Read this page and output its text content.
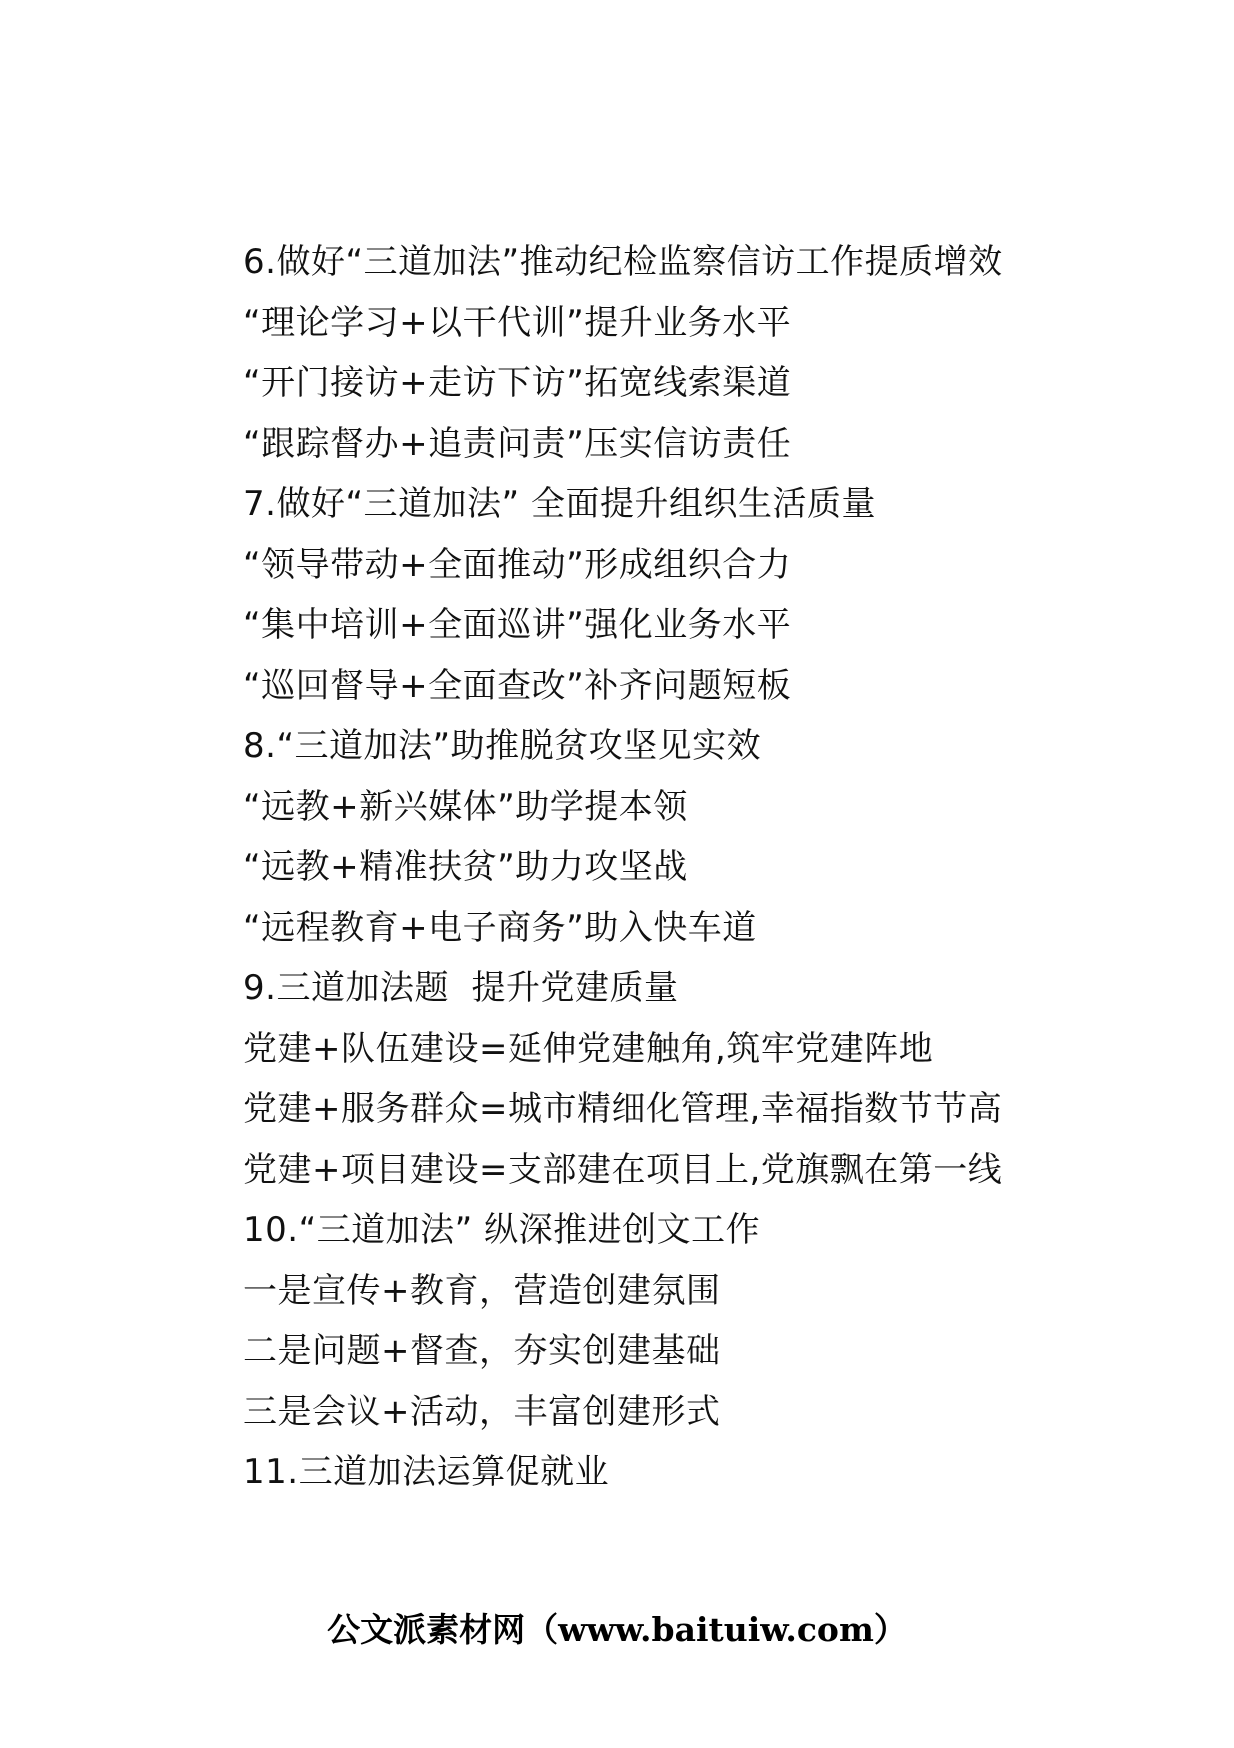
6.做好“三道加法”推动纪检监察信访工作提质增效
“理论学习+以干代训”提升业务水平
“开门接访+走访下访”拓宽线索渠道
“跟踪督办+追责问责”压实信访责任
7.做好“三道加法” 全面提升组织生活质量
“领导带动+全面推动”形成组织合力
“集中培训+全面巡讲”强化业务水平
“巡回督导+全面查改”补齐问题短板
8.“三道加法”助推脱贫攻坚见实效
“远教+新兴媒体”助学提本领
“远教+精准扶贫”助力攻坚战
“远程教育+电子商务”助入快车道
9.三道加法题  提升党建质量
党建+队伍建设=延伸党建触角,筑牢党建阵地
党建+服务群众=城市精细化管理,幸福指数节节高
党建+项目建设=支部建在项目上,党旗飘在第一线
10.“三道加法” 纵深推进创文工作
一是宣传+教育，营造创建氛围
二是问题+督查，夯实创建基础
三是会议+活动，丰富创建形式
11.三道加法运算促就业
公文派素材网（www.baituiw.com）
